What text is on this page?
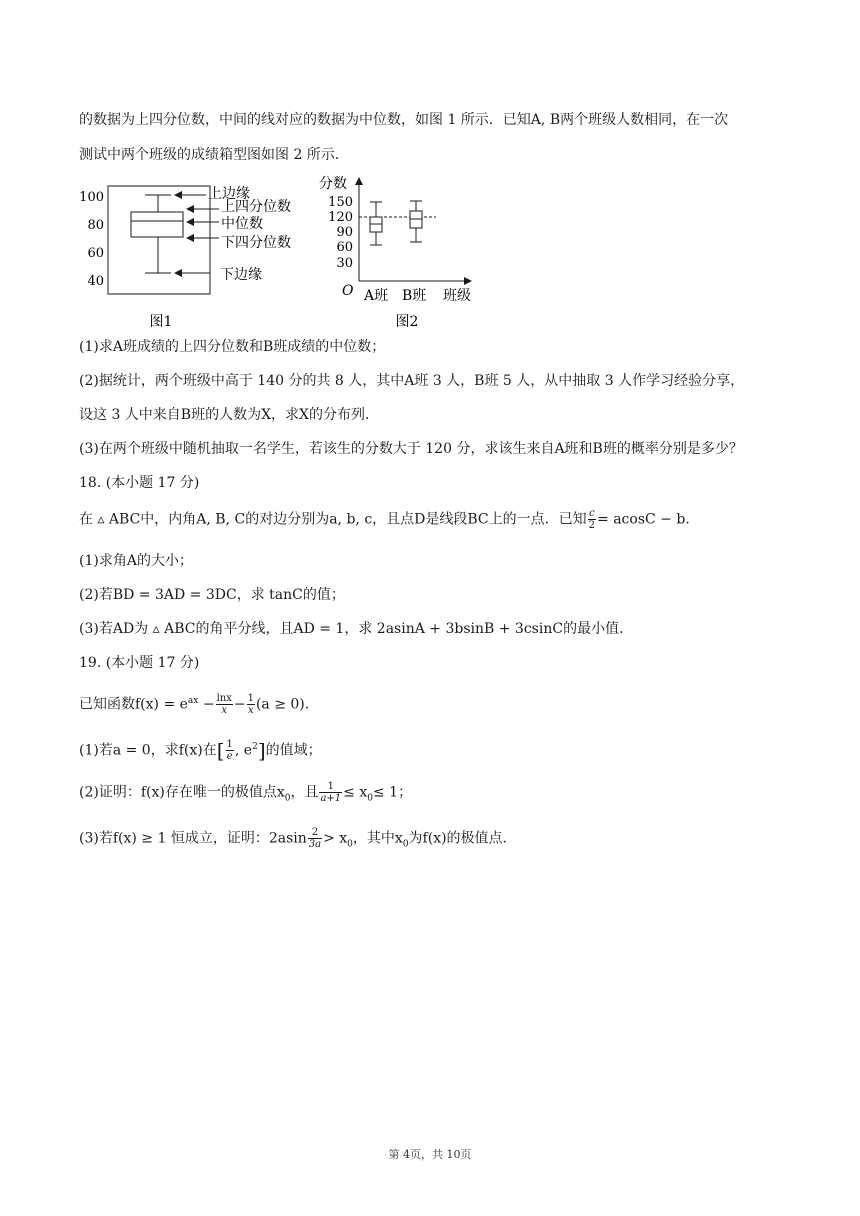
的数据为上四分位数，中间的线对应的数据为中位数，如图 1 所示．已知A, B两个班级人数相同，在一次
测试中两个班级的成绩箱型图如图 2 所示．
100
80
60
40
上边缘
上四分位数
中位数
下四分位数
下边缘
图1
分数
150
120
90
60
30
O A班 B班 班级
图2
(1)求A班成绩的上四分位数和B班成绩的中位数；
(2)据统计，两个班级中高于 140 分的共 8 人，其中A班 3 人，B班 5 人，从中抽取 3 人作学习经验分享，
设这 3 人中来自B班的人数为X，求X的分布列．
(3)在两个班级中随机抽取一名学生，若该生的分数大于 120 分，求该生来自A班和B班的概率分别是多少？
18. (本小题 17 分)
在 ▵ ABC中，内角A, B, C的对边分别为a, b, c，且点D是线段BC上的一点．已知 $\frac{c}{2} = acosC - b$．
(1)求角A的大小；
(2)若BD = 3AD = 3DC，求 tanC的值；
(3)若AD为 ▵ ABC的角平分线，且AD = 1，求 2asinA + 3bsinB + 3csinC的最小值．
19. (本小题 17 分)
已知函数$f(x) = e^{ax} - \frac{\ln x}{x} - \frac{1}{x} (a \ge 0)$．
(1)若a = 0，求f(x)在[ $\frac{1}{e}$ , $e^2$]的值域；
(2)证明：f(x)存在唯一的极值点$x_0$，且 $\frac{1}{a+1} \le x_0\le 1$；
(3)若f(x) ≥ 1 恒成立，证明：$2asin \frac{2}{3a} > x_0$，其中$x_0$为f(x)的极值点．
第 4页，共 10页
